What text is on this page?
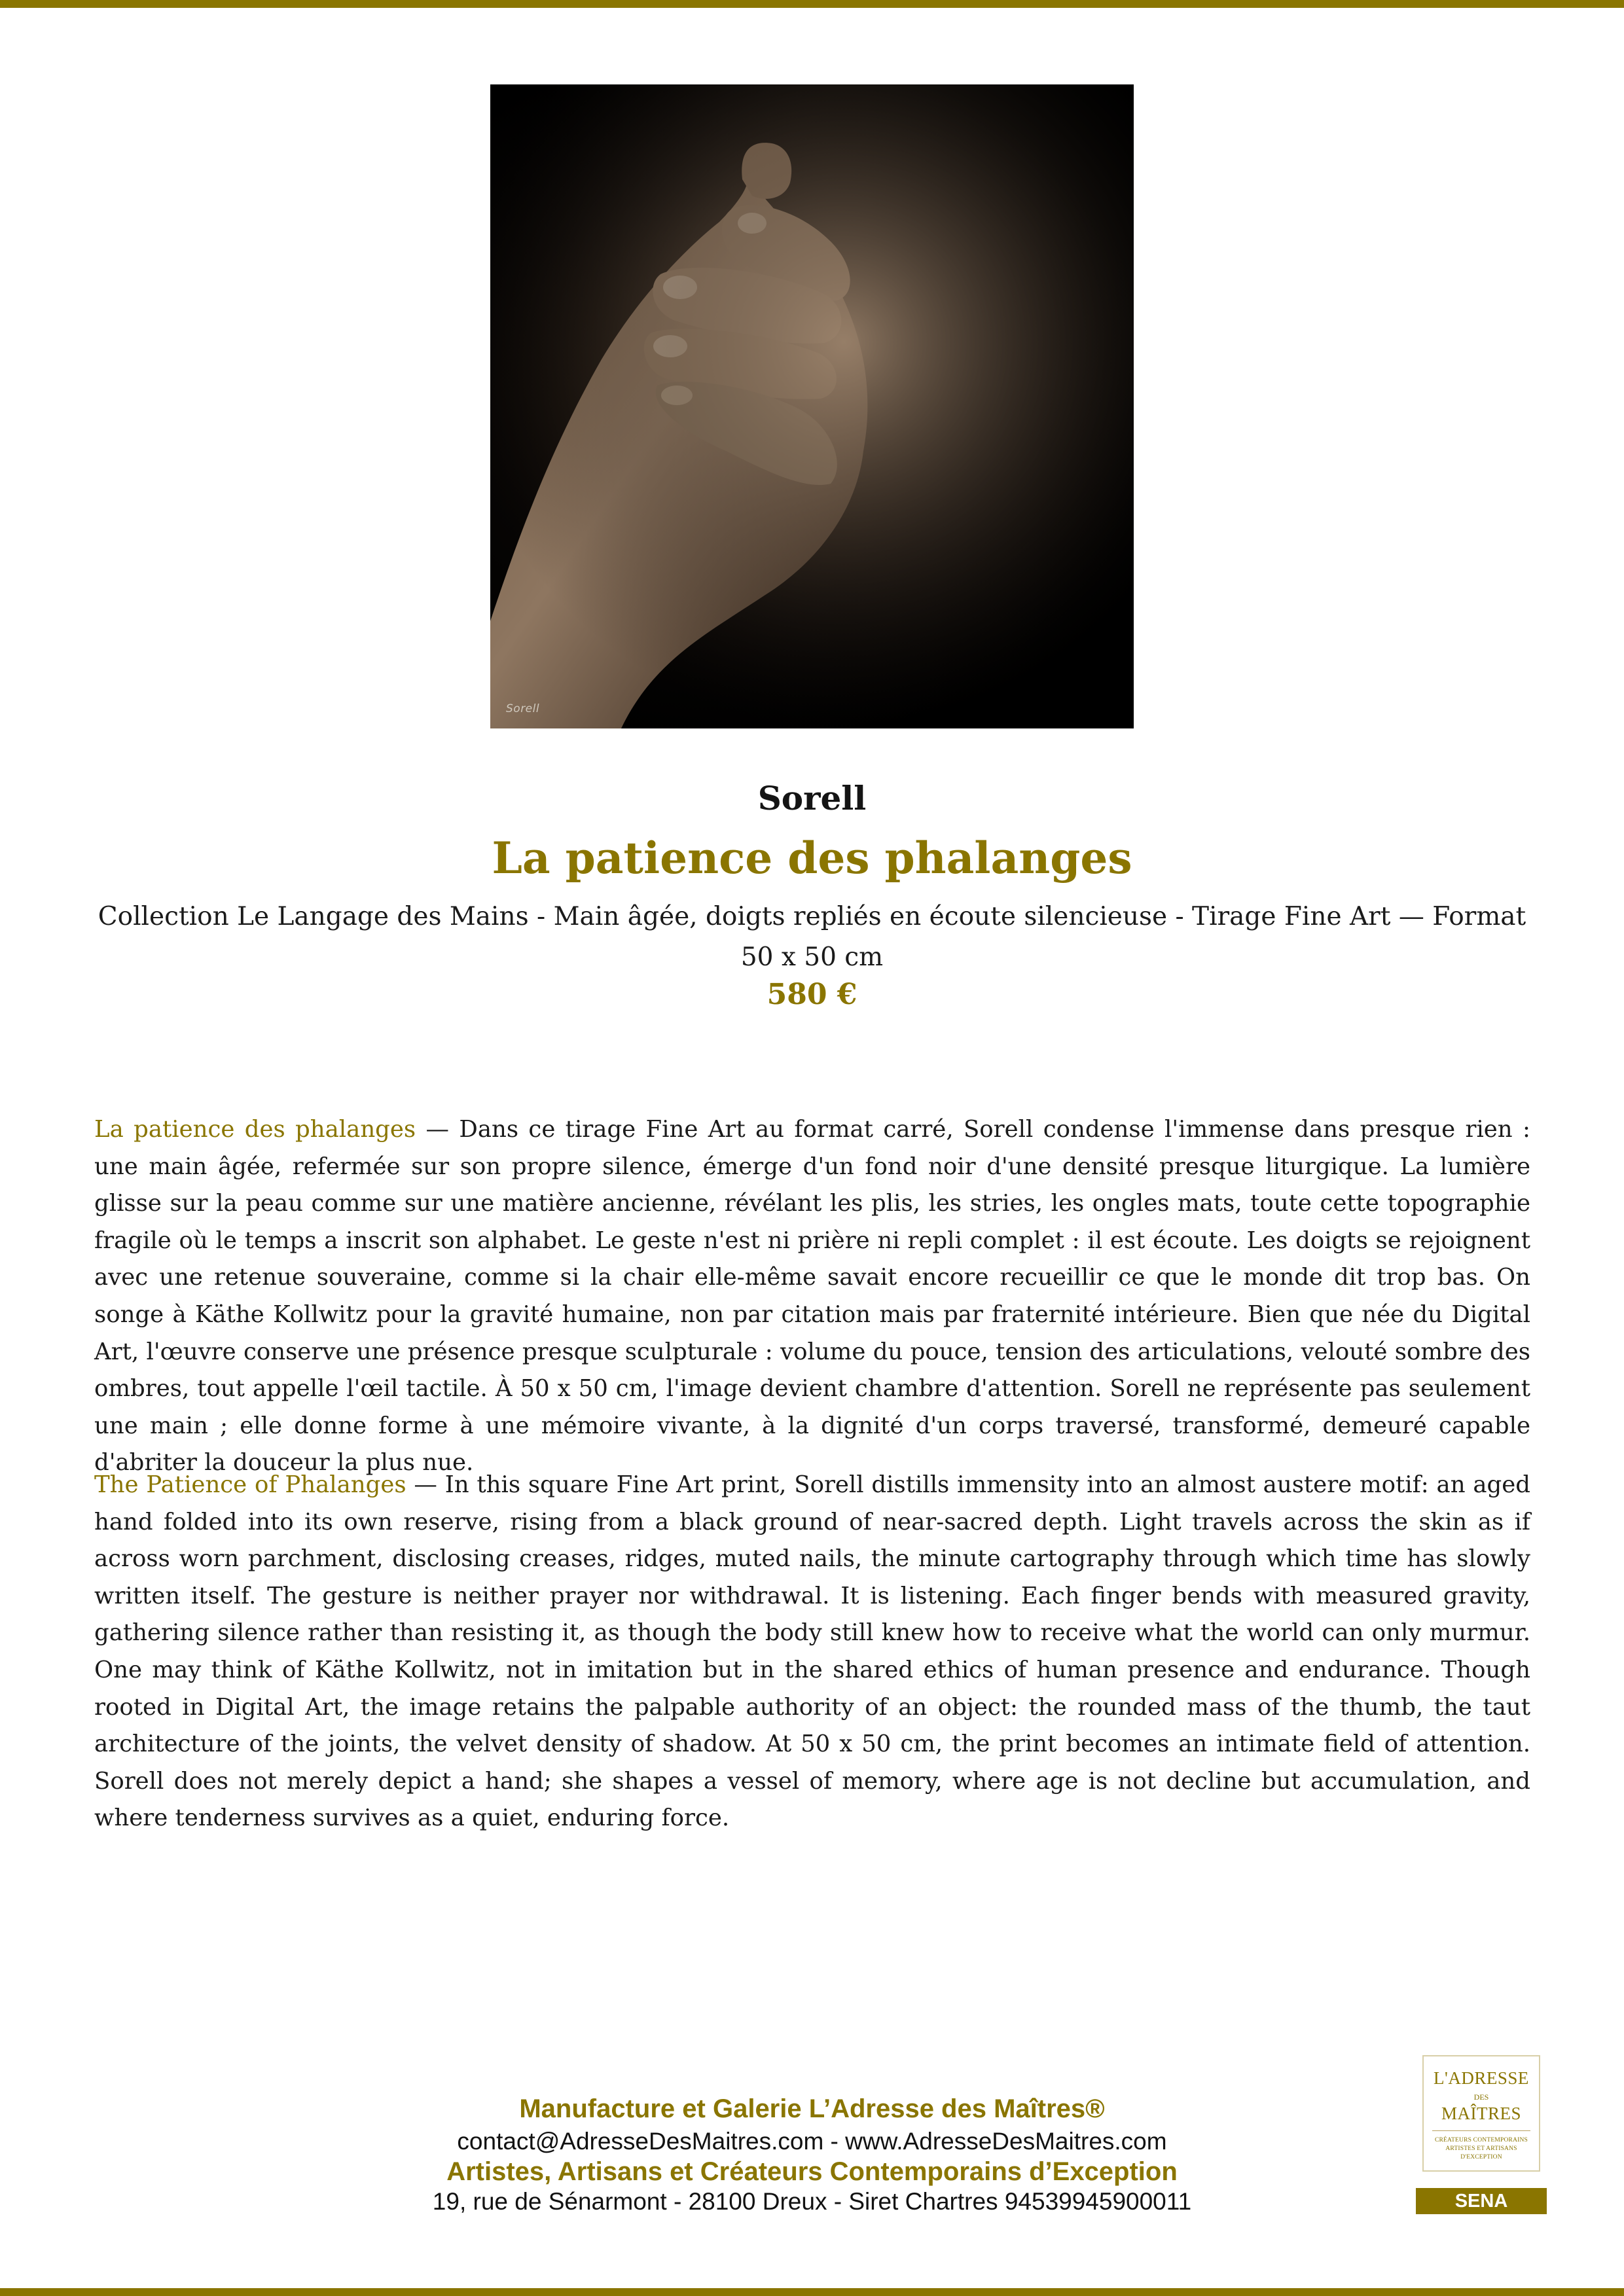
Sorell
Sorell
La patience des phalanges
Collection Le Langage des Mains - Main âgée, doigts repliés en écoute silencieuse - Tirage Fine Art — Format 50 x 50 cm
580 €

La patience des phalanges — Dans ce tirage Fine Art au format carré, Sorell condense l'immense dans presque rien : une main âgée, refermée sur son propre silence, émerge d'un fond noir d'une densité presque liturgique. La lumière glisse sur la peau comme sur une matière ancienne, révélant les plis, les stries, les ongles mats, toute cette topographie fragile où le temps a inscrit son alphabet. Le geste n'est ni prière ni repli complet : il est écoute. Les doigts se rejoignent avec une retenue souveraine, comme si la chair elle-même savait encore recueillir ce que le monde dit trop bas. On songe à Käthe Kollwitz pour la gravité humaine, non par citation mais par fraternité intérieure. Bien que née du Digital Art, l'œuvre conserve une présence presque sculpturale : volume du pouce, tension des articulations, velouté sombre des ombres, tout appelle l'œil tactile. À 50 x 50 cm, l'image devient chambre d'attention. Sorell ne représente pas seulement une main ; elle donne forme à une mémoire vivante, à la dignité d'un corps traversé, transformé, demeuré capable d'abriter la douceur la plus nue.

The Patience of Phalanges — In this square Fine Art print, Sorell distills immensity into an almost austere motif: an aged hand folded into its own reserve, rising from a black ground of near-sacred depth. Light travels across the skin as if across worn parchment, disclosing creases, ridges, muted nails, the minute cartography through which time has slowly written itself. The gesture is neither prayer nor withdrawal. It is listening. Each finger bends with measured gravity, gathering silence rather than resisting it, as though the body still knew how to receive what the world can only murmur. One may think of Käthe Kollwitz, not in imitation but in the shared ethics of human presence and endurance. Though rooted in Digital Art, the image retains the palpable authority of an object: the rounded mass of the thumb, the taut architecture of the joints, the velvet density of shadow. At 50 x 50 cm, the print becomes an intimate field of attention. Sorell does not merely depict a hand; she shapes a vessel of memory, where age is not decline but accumulation, and where tenderness survives as a quiet, enduring force.

Manufacture et Galerie L’Adresse des Maîtres®
contact@AdresseDesMaitres.com - www.AdresseDesMaitres.com
Artistes, Artisans et Créateurs Contemporains d’Exception
19, rue de Sénarmont - 28100 Dreux - Siret Chartres 94539945900011
L'ADRESSE
DES
MAÎTRES
CRÉATEURS CONTEMPORAINS
ARTISTES ET ARTISANS
D'EXCEPTION
SENA
